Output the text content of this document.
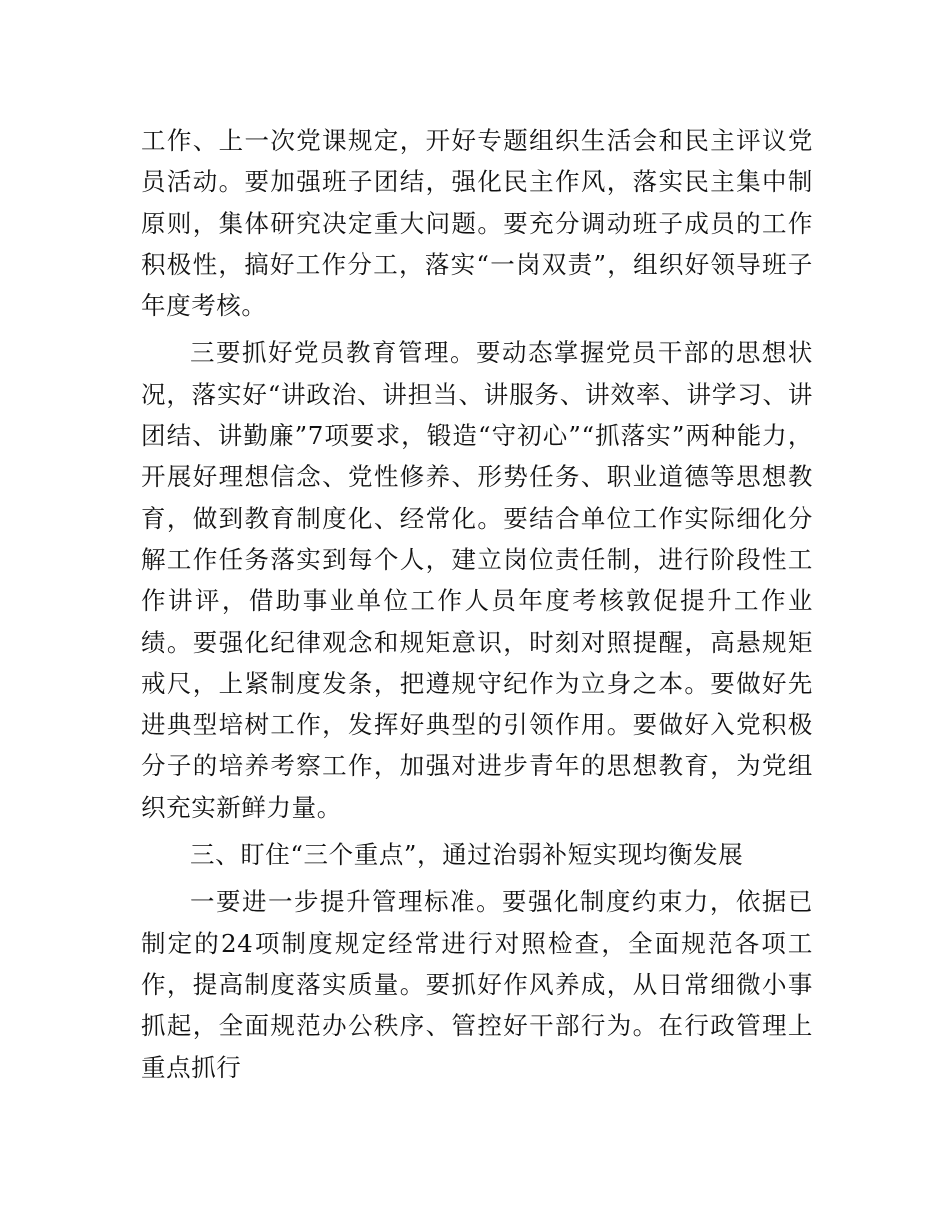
工作、上一次党课规定，开好专题组织生活会和民主评议党员活动。要加强班子团结，强化民主作风，落实民主集中制原则，集体研究决定重大问题。要充分调动班子成员的工作积极性，搞好工作分工，落实“一岗双责”，组织好领导班子年度考核。

三要抓好党员教育管理。要动态掌握党员干部的思想状况，落实好“讲政治、讲担当、讲服务、讲效率、讲学习、讲团结、讲勤廉”7项要求，锻造“守初心”“抓落实”两种能力，开展好理想信念、党性修养、形势任务、职业道德等思想教育，做到教育制度化、经常化。要结合单位工作实际细化分解工作任务落实到每个人，建立岗位责任制，进行阶段性工作讲评，借助事业单位工作人员年度考核敦促提升工作业绩。要强化纪律观念和规矩意识，时刻对照提醒，高悬规矩戒尺，上紧制度发条，把遵规守纪作为立身之本。要做好先进典型培树工作，发挥好典型的引领作用。要做好入党积极分子的培养考察工作，加强对进步青年的思想教育，为党组织充实新鲜力量。

三、盯住“三个重点”，通过治弱补短实现均衡发展

一要进一步提升管理标准。要强化制度约束力，依据已制定的24项制度规定经常进行对照检查，全面规范各项工作，提高制度落实质量。要抓好作风养成，从日常细微小事抓起，全面规范办公秩序、管控好干部行为。在行政管理上重点抓行
